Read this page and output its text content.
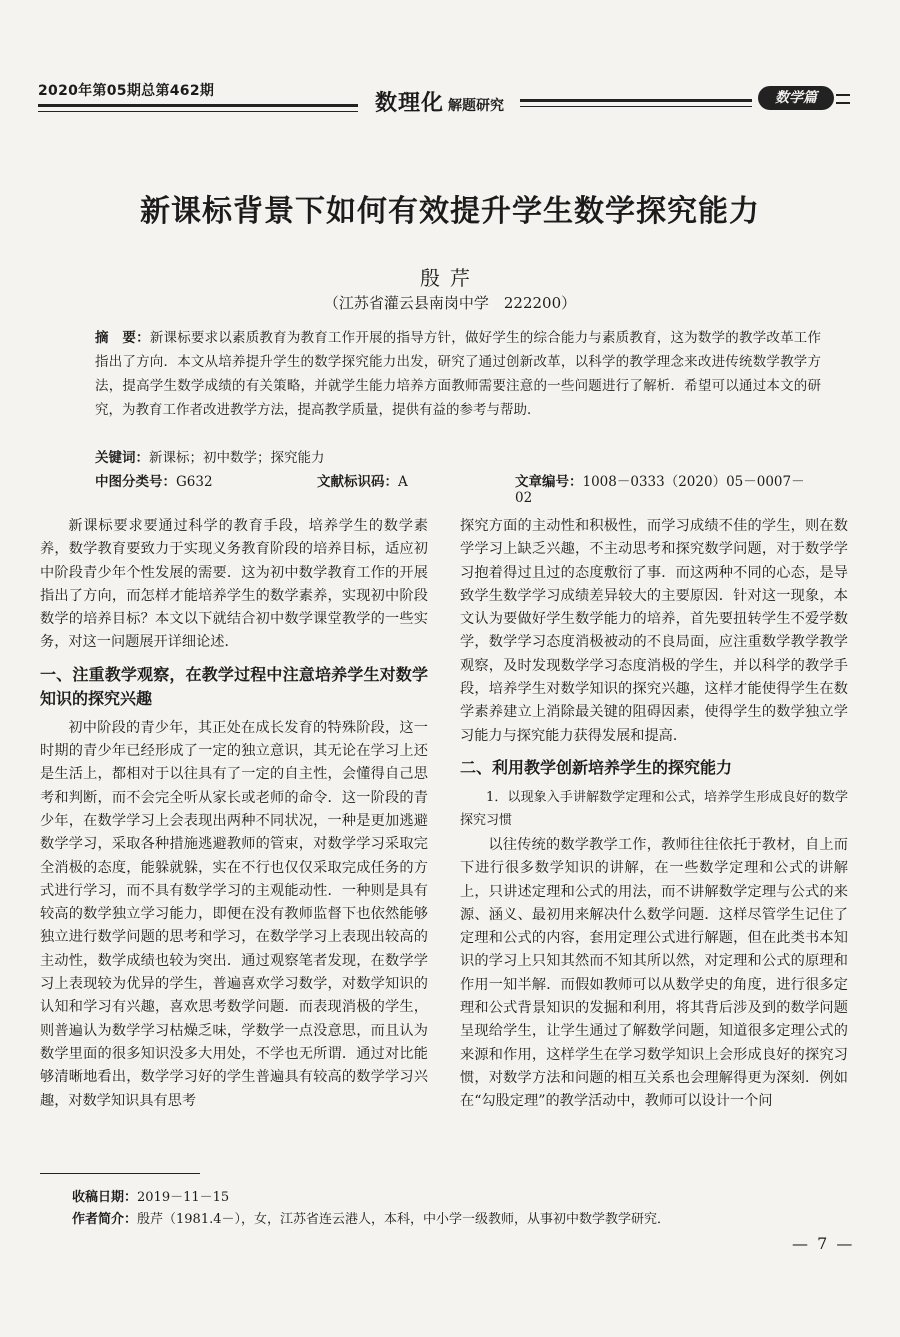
2020年第05期总第462期	数理化 解题研究	数学篇
新课标背景下如何有效提升学生数学探究能力
殷芹
（江苏省灌云县南岗中学　222200）
摘　要：新课标要求以素质教育为教育工作开展的指导方针，做好学生的综合能力与素质教育，这为数学的教学改革工作指出了方向．本文从培养提升学生的数学探究能力出发，研究了通过创新改革，以科学的教学理念来改进传统数学教学方法，提高学生数学成绩的有关策略，并就学生能力培养方面教师需要注意的一些问题进行了解析．希望可以通过本文的研究，为教育工作者改进教学方法，提高教学质量，提供有益的参考与帮助．
关键词：新课标；初中数学；探究能力
中图分类号：G632	文献标识码：A	文章编号：1008－0333（2020）05－0007－02

新课标要求要通过科学的教育手段，培养学生的数学素养，数学教育要致力于实现义务教育阶段的培养目标，适应初中阶段青少年个性发展的需要．这为初中数学教育工作的开展指出了方向，而怎样才能培养学生的数学素养，实现初中阶段数学的培养目标？本文以下就结合初中数学课堂教学的一些实务，对这一问题展开详细论述．

一、注重教学观察，在教学过程中注意培养学生对数学知识的探究兴趣

初中阶段的青少年，其正处在成长发育的特殊阶段，这一时期的青少年已经形成了一定的独立意识，其无论在学习上还是生活上，都相对于以往具有了一定的自主性，会懂得自己思考和判断，而不会完全听从家长或老师的命令．这一阶段的青少年，在数学学习上会表现出两种不同状况，一种是更加逃避数学学习，采取各种措施逃避教师的管束，对数学学习采取完全消极的态度，能躲就躲，实在不行也仅仅采取完成任务的方式进行学习，而不具有数学学习的主观能动性．一种则是具有较高的数学独立学习能力，即便在没有教师监督下也依然能够独立进行数学问题的思考和学习，在数学学习上表现出较高的主动性，数学成绩也较为突出．通过观察笔者发现，在数学学习上表现较为优异的学生，普遍喜欢学习数学，对数学知识的认知和学习有兴趣，喜欢思考数学问题．而表现消极的学生，则普遍认为数学学习枯燥乏味，学数学一点没意思，而且认为数学里面的很多知识没多大用处，不学也无所谓．通过对比能够清晰地看出，数学学习好的学生普遍具有较高的数学学习兴趣，对数学知识具有思考

探究方面的主动性和积极性，而学习成绩不佳的学生，则在数学学习上缺乏兴趣，不主动思考和探究数学问题，对于数学学习抱着得过且过的态度敷衍了事．而这两种不同的心态，是导致学生数学学习成绩差异较大的主要原因．针对这一现象，本文认为要做好学生数学能力的培养，首先要扭转学生不爱学数学，数学学习态度消极被动的不良局面，应注重数学教学教学观察，及时发现数学学习态度消极的学生，并以科学的教学手段，培养学生对数学知识的探究兴趣，这样才能使得学生在数学素养建立上消除最关键的阻碍因素，使得学生的数学独立学习能力与探究能力获得发展和提高．

二、利用教学创新培养学生的探究能力
1．以现象入手讲解数学定理和公式，培养学生形成良好的数学探究习惯

以往传统的数学教学工作，教师往往依托于教材，自上而下进行很多数学知识的讲解，在一些数学定理和公式的讲解上，只讲述定理和公式的用法，而不讲解数学定理与公式的来源、涵义、最初用来解决什么数学问题．这样尽管学生记住了定理和公式的内容，套用定理公式进行解题，但在此类书本知识的学习上只知其然而不知其所以然，对定理和公式的原理和作用一知半解．而假如教师可以从数学史的角度，进行很多定理和公式背景知识的发掘和利用，将其背后涉及到的数学问题呈现给学生，让学生通过了解数学问题，知道很多定理公式的来源和作用，这样学生在学习数学知识上会形成良好的探究习惯，对数学方法和问题的相互关系也会理解得更为深刻．例如在“勾股定理”的教学活动中，教师可以设计一个问

收稿日期：2019－11－15
作者简介：殷芹（1981.4－），女，江苏省连云港人，本科，中小学一级教师，从事初中数学教学研究．
— 7 —
